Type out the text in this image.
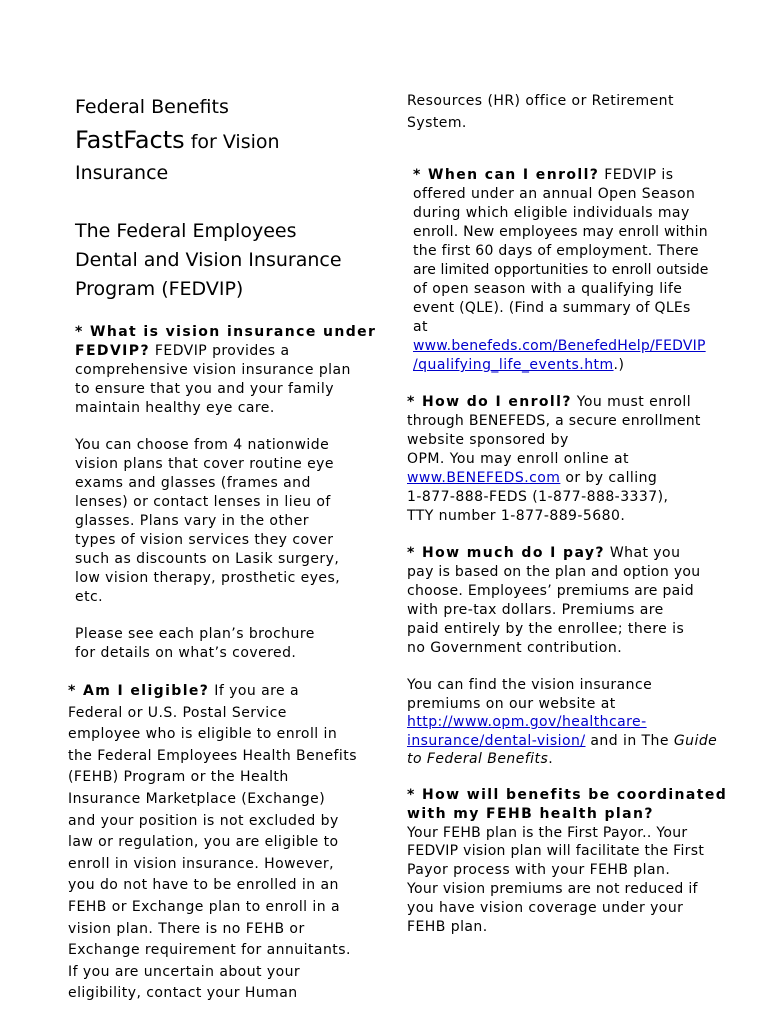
Federal Benefits
FastFacts for Vision
Insurance
The Federal Employees
Dental and Vision Insurance
Program (FEDVIP)
* What is vision insurance under
FEDVIP? FEDVIP provides a
comprehensive vision insurance plan
to ensure that you and your family
maintain healthy eye care.
You can choose from 4 nationwide
vision plans that cover routine eye
exams and glasses (frames and
lenses) or contact lenses in lieu of
glasses. Plans vary in the other
types of vision services they cover
such as discounts on Lasik surgery,
low vision therapy, prosthetic eyes,
etc.
Please see each plan’s brochure
for details on what’s covered.
* Am I eligible? If you are a
Federal or U.S. Postal Service
employee who is eligible to enroll in
the Federal Employees Health Benefits
(FEHB) Program or the Health
Insurance Marketplace (Exchange)
and your position is not excluded by
law or regulation, you are eligible to
enroll in vision insurance. However,
you do not have to be enrolled in an
FEHB or Exchange plan to enroll in a
vision plan. There is no FEHB or
Exchange requirement for annuitants.
If you are uncertain about your
eligibility, contact your Human
Resources (HR) office or Retirement
System.
* When can I enroll? FEDVIP is
offered under an annual Open Season
during which eligible individuals may
enroll. New employees may enroll within
the first 60 days of employment. There
are limited opportunities to enroll outside
of open season with a qualifying life
event (QLE). (Find a summary of QLEs
at
www.benefeds.com/BenefedHelp/FEDVIP
/qualifying_life_events.htm.)
* How do I enroll? You must enroll
through BENEFEDS, a secure enrollment
website sponsored by
OPM. You may enroll online at
www.BENEFEDS.com or by calling
1-877-888-FEDS (1-877-888-3337),
TTY number 1-877-889-5680.
* How much do I pay? What you
pay is based on the plan and option you
choose. Employees’ premiums are paid
with pre-tax dollars. Premiums are
paid entirely by the enrollee; there is
no Government contribution.
You can find the vision insurance
premiums on our website at
http://www.opm.gov/healthcare-
insurance/dental-vision/ and in The Guide
to Federal Benefits.
* How will benefits be coordinated
with my FEHB health plan?
Your FEHB plan is the First Payor.. Your
FEDVIP vision plan will facilitate the First
Payor process with your FEHB plan.
Your vision premiums are not reduced if
you have vision coverage under your
FEHB plan.
